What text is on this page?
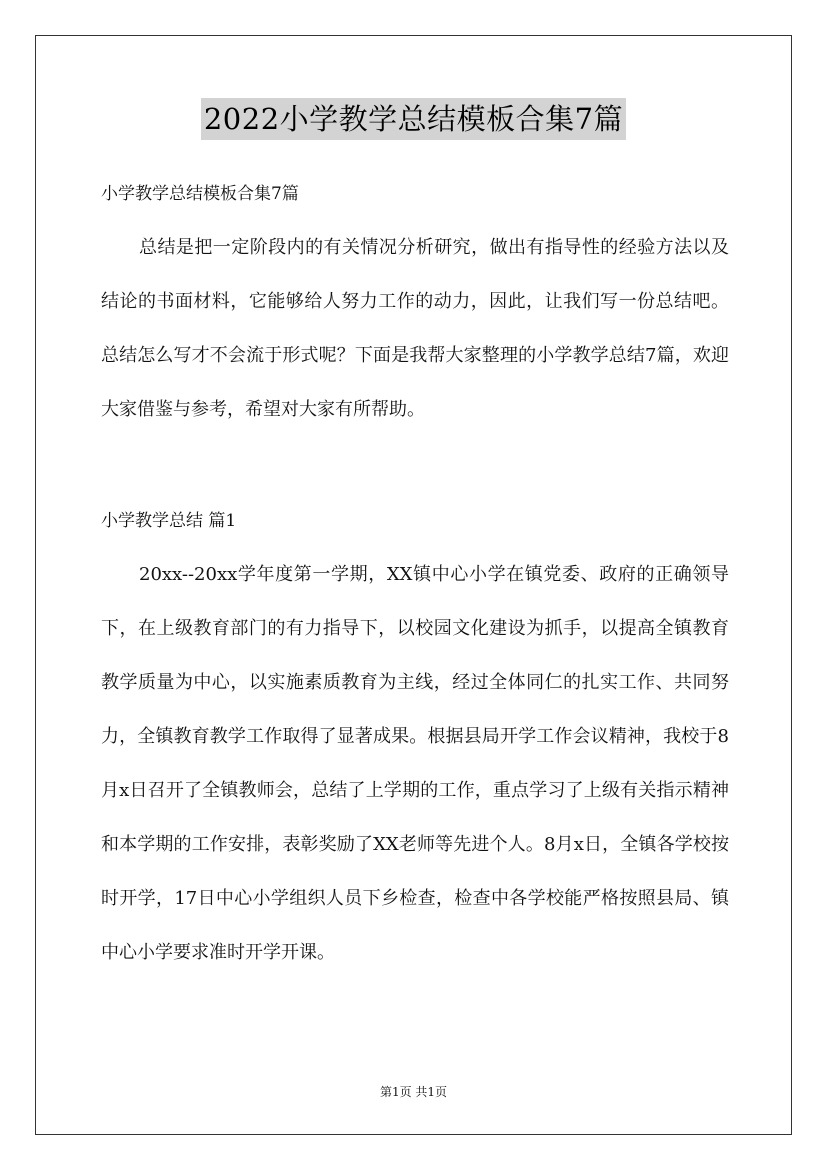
2022小学教学总结模板合集7篇
小学教学总结模板合集7篇

总结是把一定阶段内的有关情况分析研究，做出有指导性的经验方法以及结论的书面材料，它能够给人努力工作的动力，因此，让我们写一份总结吧。总结怎么写才不会流于形式呢？下面是我帮大家整理的小学教学总结7篇，欢迎大家借鉴与参考，希望对大家有所帮助。

小学教学总结 篇1

20xx--20xx学年度第一学期，XX镇中心小学在镇党委、政府的正确领导下，在上级教育部门的有力指导下，以校园文化建设为抓手，以提高全镇教育教学质量为中心，以实施素质教育为主线，经过全体同仁的扎实工作、共同努力，全镇教育教学工作取得了显著成果。根据县局开学工作会议精神，我校于8月x日召开了全镇教师会，总结了上学期的工作，重点学习了上级有关指示精神和本学期的工作安排，表彰奖励了XX老师等先进个人。8月x日，全镇各学校按时开学，17日中心小学组织人员下乡检查，检查中各学校能严格按照县局、镇中心小学要求准时开学开课。

第1页 共1页
